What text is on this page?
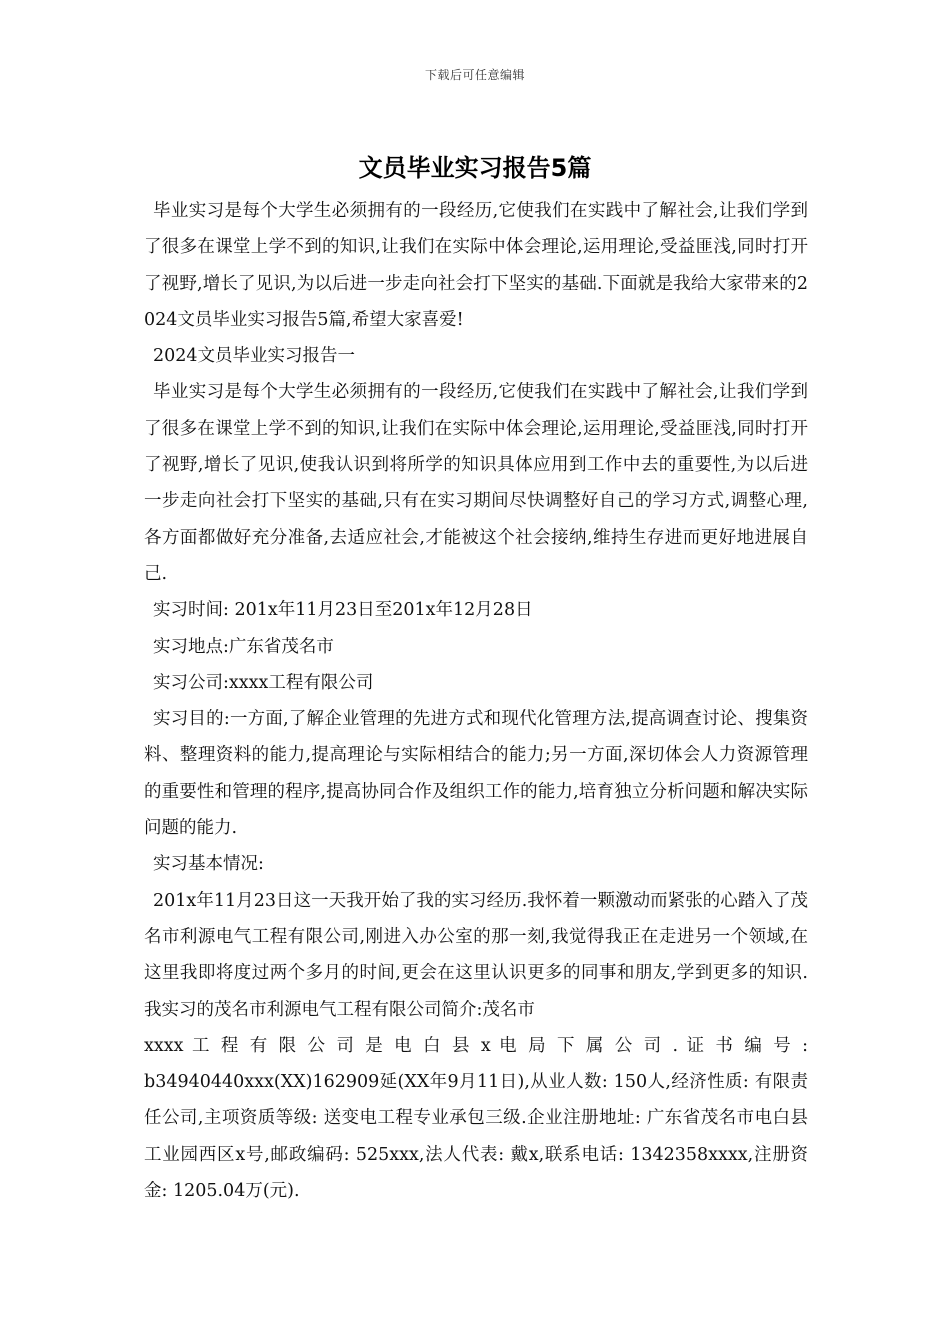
下载后可任意编辑
文员毕业实习报告5篇

毕业实习是每个大学生必须拥有的一段经历,它使我们在实践中了解社会,让我们学到了很多在课堂上学不到的知识,让我们在实际中体会理论,运用理论,受益匪浅,同时打开了视野,增长了见识,为以后进一步走向社会打下坚实的基础.下面就是我给大家带来的2024文员毕业实习报告5篇,希望大家喜爱!

2024文员毕业实习报告一

毕业实习是每个大学生必须拥有的一段经历,它使我们在实践中了解社会,让我们学到了很多在课堂上学不到的知识,让我们在实际中体会理论,运用理论,受益匪浅,同时打开了视野,增长了见识,使我认识到将所学的知识具体应用到工作中去的重要性,为以后进一步走向社会打下坚实的基础,只有在实习期间尽快调整好自己的学习方式,调整心理,各方面都做好充分准备,去适应社会,才能被这个社会接纳,维持生存进而更好地进展自己.

实习时间: 201x年11月23日至201x年12月28日

实习地点:广东省茂名市

实习公司:xxxx工程有限公司

实习目的:一方面,了解企业管理的先进方式和现代化管理方法,提高调查讨论、搜集资料、整理资料的能力,提高理论与实际相结合的能力;另一方面,深切体会人力资源管理的重要性和管理的程序,提高协同合作及组织工作的能力,培育独立分析问题和解决实际问题的能力.

实习基本情况:

201x年11月23日这一天我开始了我的实习经历.我怀着一颗激动而紧张的心踏入了茂名市利源电气工程有限公司,刚进入办公室的那一刻,我觉得我正在走进另一个领域,在这里我即将度过两个多月的时间,更会在这里认识更多的同事和朋友,学到更多的知识.我实习的茂名市利源电气工程有限公司简介:茂名市

xxxx 工 程 有 限 公 司 是 电 白 县 x 电 局 下 属 公 司 . 证 书 编 号 :

b34940440xxx(XX)162909延(XX年9月11日),从业人数: 150人,经济性质: 有限责任公司,主项资质等级: 送变电工程专业承包三级.企业注册地址: 广东省茂名市电白县工业园西区x号,邮政编码: 525xxx,法人代表: 戴x,联系电话: 1342358xxxx,注册资金: 1205.04万(元).
